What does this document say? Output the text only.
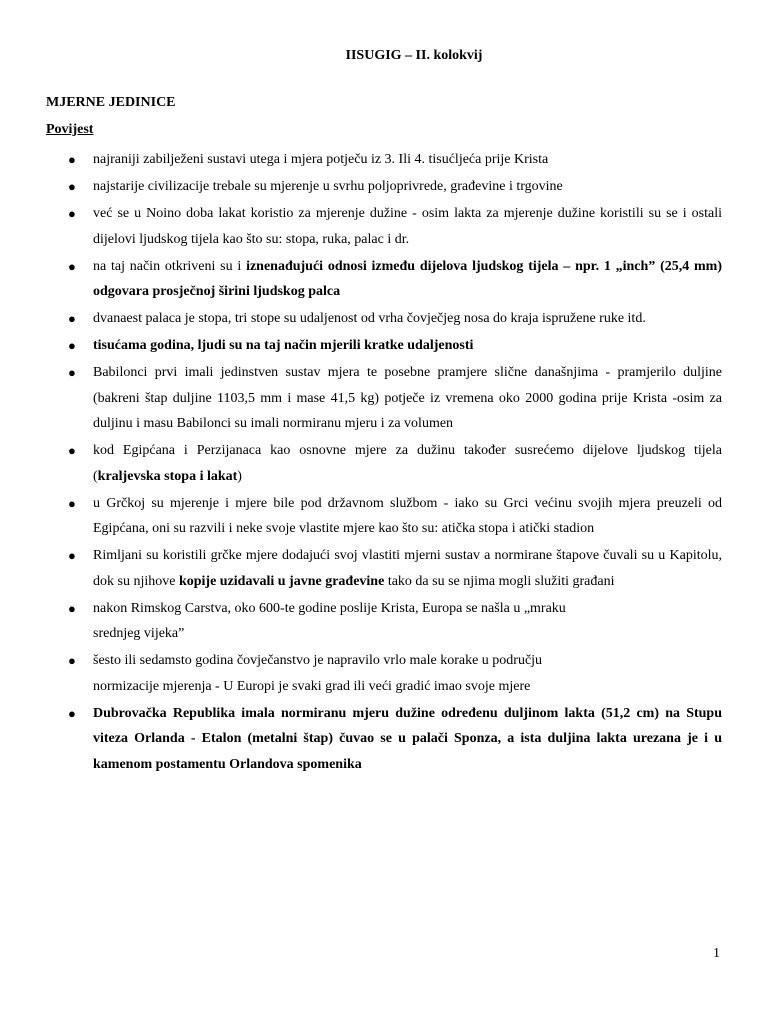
IISUGIG – II. kolokvij
MJERNE JEDINICE
Povijest
● najraniji zabilježeni sustavi utega i mjera potječu iz 3. Ili 4. tisućljeća prije Krista
● najstarije civilizacije trebale su mjerenje u svrhu poljoprivrede, građevine i trgovine
● već se u Noino doba lakat koristio za mjerenje dužine - osim lakta za mjerenje dužine koristili su se i ostali dijelovi ljudskog tijela kao što su: stopa, ruka, palac i dr.
● na taj način otkriveni su i iznenađujući odnosi između dijelova ljudskog tijela – npr. 1 „inch” (25,4 mm) odgovara prosječnoj širini ljudskog palca
● dvanaest palaca je stopa, tri stope su udaljenost od vrha čovječjeg nosa do kraja ispružene ruke itd.
● tisućama godina, ljudi su na taj način mjerili kratke udaljenosti
● Babilonci prvi imali jedinstven sustav mjera te posebne pramjere slične današnjima - pramjerilo duljine (bakreni štap duljine 1103,5 mm i mase 41,5 kg) potječe iz vremena oko 2000 godina prije Krista -osim za duljinu i masu Babilonci su imali normiranu mjeru i za volumen
● kod Egipćana i Perzijanaca kao osnovne mjere za dužinu također susrećemo dijelove ljudskog tijela (kraljevska stopa i lakat)
● u Grčkoj su mjerenje i mjere bile pod državnom službom - iako su Grci većinu svojih mjera preuzeli od Egipćana, oni su razvili i neke svoje vlastite mjere kao što su: atička stopa i atički stadion
● Rimljani su koristili grčke mjere dodajući svoj vlastiti mjerni sustav a normirane štapove čuvali su u Kapitolu, dok su njihove kopije uzidavali u javne građevine tako da su se njima mogli služiti građani
● nakon Rimskog Carstva, oko 600-te godine poslije Krista, Europa se našla u „mraku
srednjeg vijeka”
● šesto ili sedamsto godina čovječanstvo je napravilo vrlo male korake u području
normizacije mjerenja - U Europi je svaki grad ili veći gradić imao svoje mjere
● Dubrovačka Republika imala normiranu mjeru dužine određenu duljinom lakta (51,2 cm) na Stupu viteza Orlanda - Etalon (metalni štap) čuvao se u palači Sponza, a ista duljina lakta urezana je i u kamenom postamentu Orlandova spomenika
1
